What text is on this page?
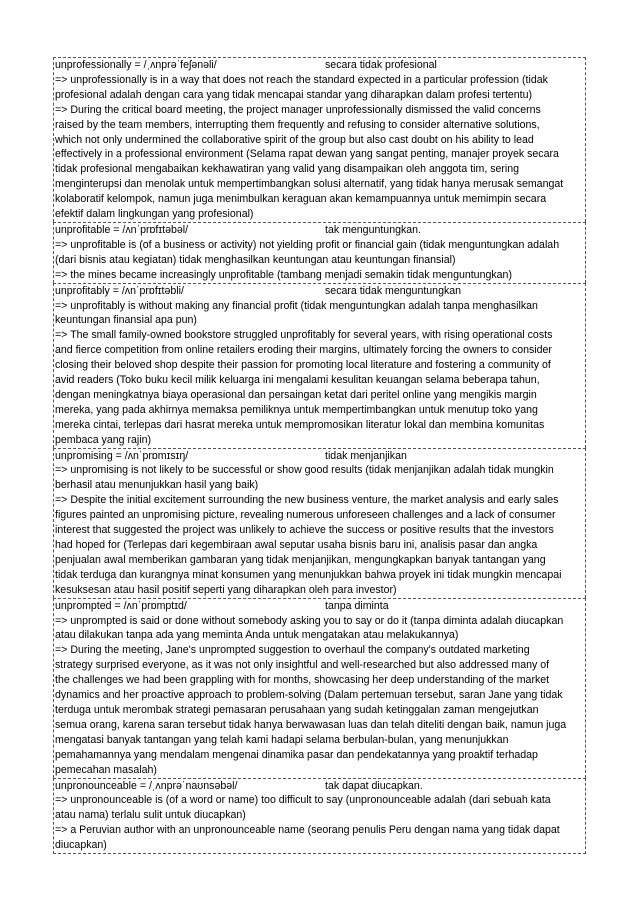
unprofessionally = /ˌʌnprəˈfeʃənəli/	secara tidak profesional
=> unprofessionally is in a way that does not reach the standard expected in a particular profession (tidak
profesional adalah dengan cara yang tidak mencapai standar yang diharapkan dalam profesi tertentu)
=> During the critical board meeting, the project manager unprofessionally dismissed the valid concerns
raised by the team members, interrupting them frequently and refusing to consider alternative solutions,
which not only undermined the collaborative spirit of the group but also cast doubt on his ability to lead
effectively in a professional environment (Selama rapat dewan yang sangat penting, manajer proyek secara
tidak profesional mengabaikan kekhawatiran yang valid yang disampaikan oleh anggota tim, sering
menginterupsi dan menolak untuk mempertimbangkan solusi alternatif, yang tidak hanya merusak semangat
kolaboratif kelompok, namun juga menimbulkan keraguan akan kemampuannya untuk memimpin secara
efektif dalam lingkungan yang profesional)
unprofitable = /ʌnˈprɒfɪtəbəl/	tak menguntungkan.
=> unprofitable is (of a business or activity) not yielding profit or financial gain (tidak menguntungkan adalah
(dari bisnis atau kegiatan) tidak menghasilkan keuntungan atau keuntungan finansial)
=> the mines became increasingly unprofitable (tambang menjadi semakin tidak menguntungkan)
unprofitably = /ʌnˈprɒfɪtəbli/	secara tidak menguntungkan
=> unprofitably is without making any financial profit (tidak menguntungkan adalah tanpa menghasilkan
keuntungan finansial apa pun)
=> The small family-owned bookstore struggled unprofitably for several years, with rising operational costs
and fierce competition from online retailers eroding their margins, ultimately forcing the owners to consider
closing their beloved shop despite their passion for promoting local literature and fostering a community of
avid readers (Toko buku kecil milik keluarga ini mengalami kesulitan keuangan selama beberapa tahun,
dengan meningkatnya biaya operasional dan persaingan ketat dari peritel online yang mengikis margin
mereka, yang pada akhirnya memaksa pemiliknya untuk mempertimbangkan untuk menutup toko yang
mereka cintai, terlepas dari hasrat mereka untuk mempromosikan literatur lokal dan membina komunitas
pembaca yang rajin)
unpromising = /ʌnˈprɒmɪsɪŋ/	tidak menjanjikan
=> unpromising is not likely to be successful or show good results (tidak menjanjikan adalah tidak mungkin
berhasil atau menunjukkan hasil yang baik)
=> Despite the initial excitement surrounding the new business venture, the market analysis and early sales
figures painted an unpromising picture, revealing numerous unforeseen challenges and a lack of consumer
interest that suggested the project was unlikely to achieve the success or positive results that the investors
had hoped for (Terlepas dari kegembiraan awal seputar usaha bisnis baru ini, analisis pasar dan angka
penjualan awal memberikan gambaran yang tidak menjanjikan, mengungkapkan banyak tantangan yang
tidak terduga dan kurangnya minat konsumen yang menunjukkan bahwa proyek ini tidak mungkin mencapai
kesuksesan atau hasil positif seperti yang diharapkan oleh para investor)
unprompted = /ʌnˈprɒmptɪd/	tanpa diminta
=> unprompted is said or done without somebody asking you to say or do it (tanpa diminta adalah diucapkan
atau dilakukan tanpa ada yang meminta Anda untuk mengatakan atau melakukannya)
=> During the meeting, Jane's unprompted suggestion to overhaul the company's outdated marketing
strategy surprised everyone, as it was not only insightful and well-researched but also addressed many of
the challenges we had been grappling with for months, showcasing her deep understanding of the market
dynamics and her proactive approach to problem-solving (Dalam pertemuan tersebut, saran Jane yang tidak
terduga untuk merombak strategi pemasaran perusahaan yang sudah ketinggalan zaman mengejutkan
semua orang, karena saran tersebut tidak hanya berwawasan luas dan telah diteliti dengan baik, namun juga
mengatasi banyak tantangan yang telah kami hadapi selama berbulan-bulan, yang menunjukkan
pemahamannya yang mendalam mengenai dinamika pasar dan pendekatannya yang proaktif terhadap
pemecahan masalah)
unpronounceable = /ˌʌnprəˈnaʊnsəbəl/	tak dapat diucapkan.
=> unpronounceable is (of a word or name) too difficult to say (unpronounceable adalah (dari sebuah kata
atau nama) terlalu sulit untuk diucapkan)
=> a Peruvian author with an unpronounceable name (seorang penulis Peru dengan nama yang tidak dapat
diucapkan)
